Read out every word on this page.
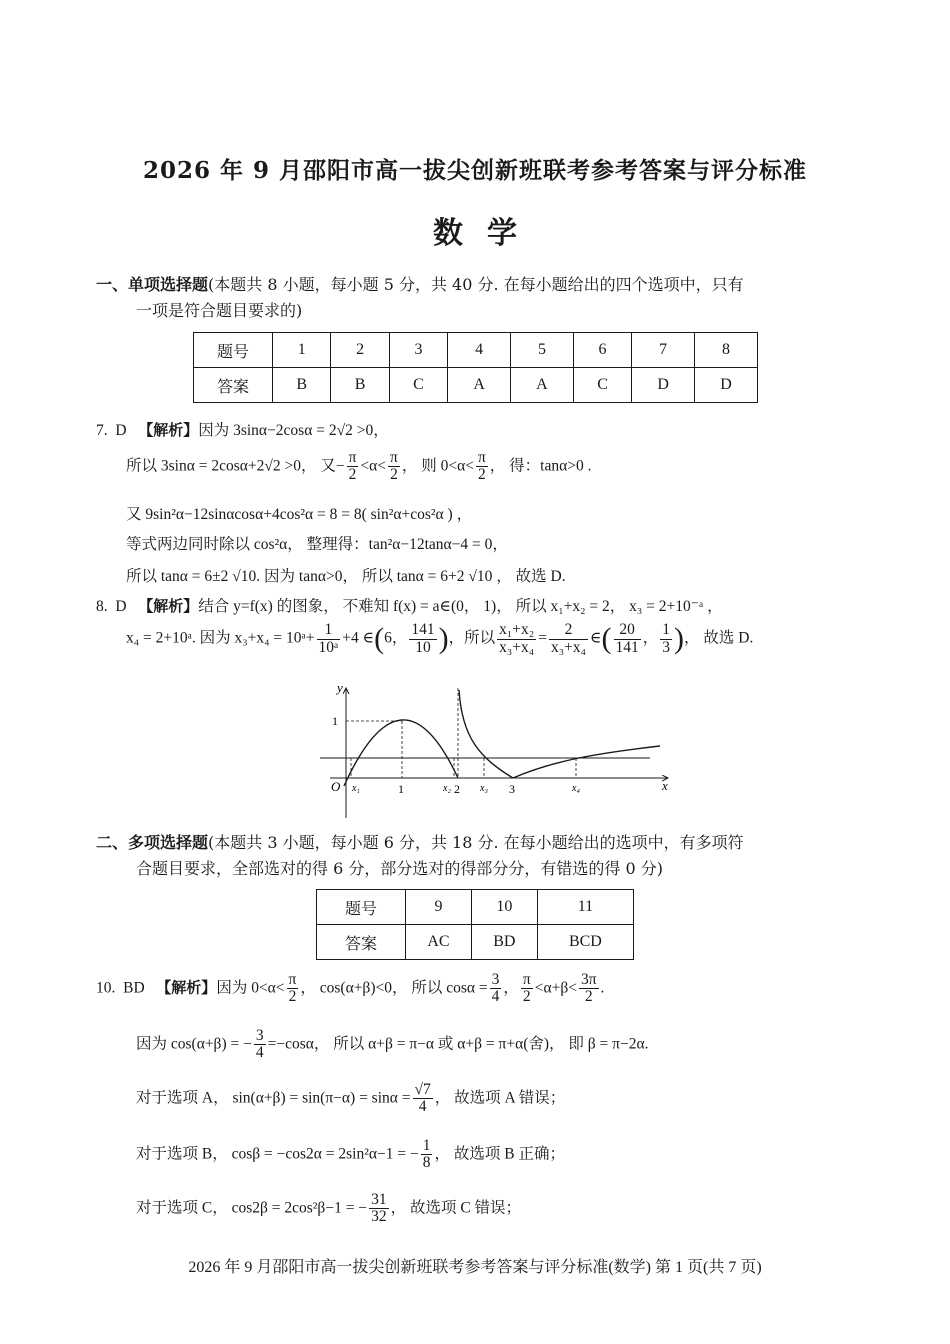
2026 年 9 月邵阳市高一拔尖创新班联考参考答案与评分标准
数学
一、单项选择题(本题共 8 小题，每小题 5 分，共 40 分. 在每小题给出的四个选项中，只有
一项是符合题目要求的)
题号	1	2	3	4	5	6	7	8
答案	B	B	C	A	A	C	D	D
7. D 【解析】因为 3sinα−2cosα = 2√2 >0，
所以 3sinα = 2cosα+2√2 >0， 又− $\frac{\pi}{2} <\alpha< \frac{\pi}{2}$ ， 则 $0<\alpha< \frac{\pi}{2}$ ， 得：tanα>0 .
又 9sin²α−12sinαcosα+4cos²α = 8 = 8( sin²α+cos²α ) ，
等式两边同时除以 cos²α， 整理得：tan²α−12tanα−4 = 0，
所以 tanα = 6±2 √10. 因为 tanα>0， 所以 tanα = 6+2 √10 ， 故选 D.
8. D 【解析】结合 y=f(x) 的图象， 不难知 f(x) = a∈(0， 1)， 所以 x₁+x₂ = 2， x₃ = 2+10⁻ᵃ ，
x₄ = 2+10ᵃ. 因为 x₃+x₄ = 10ᵃ+ $\frac{1}{\text{10ᵃ}} +4$ ∈(6， $\frac{141}{10}$ )，所以 $\frac{\text{x₁+x₂}}{\text{x₃+x₄}} = \frac{2}{\text{x₃+x₄}}$ ∈( $\frac{20}{141}$ ， $\frac{1}{3}$ )， 故选 D.
y
x
O
1
x₁	1	x₂ 2 x₃ 3	x₄
二、多项选择题(本题共 3 小题，每小题 6 分，共 18 分. 在每小题给出的选项中，有多项符
合题目要求，全部选对的得 6 分，部分选对的得部分分，有错选的得 0 分)
题号	9	10	11
答案	AC	BD	BCD
10. BD 【解析】因为 $0<\alpha< \frac{\pi}{2}$ ， cos(α+β)<0， 所以 $\cos\alpha = \frac{3}{4}$ ， $\frac{\pi}{2} <\alpha+\beta< \frac{3\pi}{2}$ .
因为 cos(α+β) = − $\frac{3}{4} =-\cos\alpha$， 所以 α+β = π−α 或 α+β = π+α(舍)， 即 β = π−2α.
对于选项 A， $\sin(\alpha+\beta) = \sin(\pi-\alpha) = \sin\alpha = \frac{√7}{4}$ ， 故选项 A 错误；
对于选项 B， cosβ = −cos2α = 2sin²α−1 = − $\frac{1}{8}$ ， 故选项 B 正确；
对于选项 C， cos2β = 2cos²β−1 = − $\frac{31}{32}$ ， 故选项 C 错误；
2026 年 9 月邵阳市高一拔尖创新班联考参考答案与评分标准(数学) 第 1 页(共 7 页)
